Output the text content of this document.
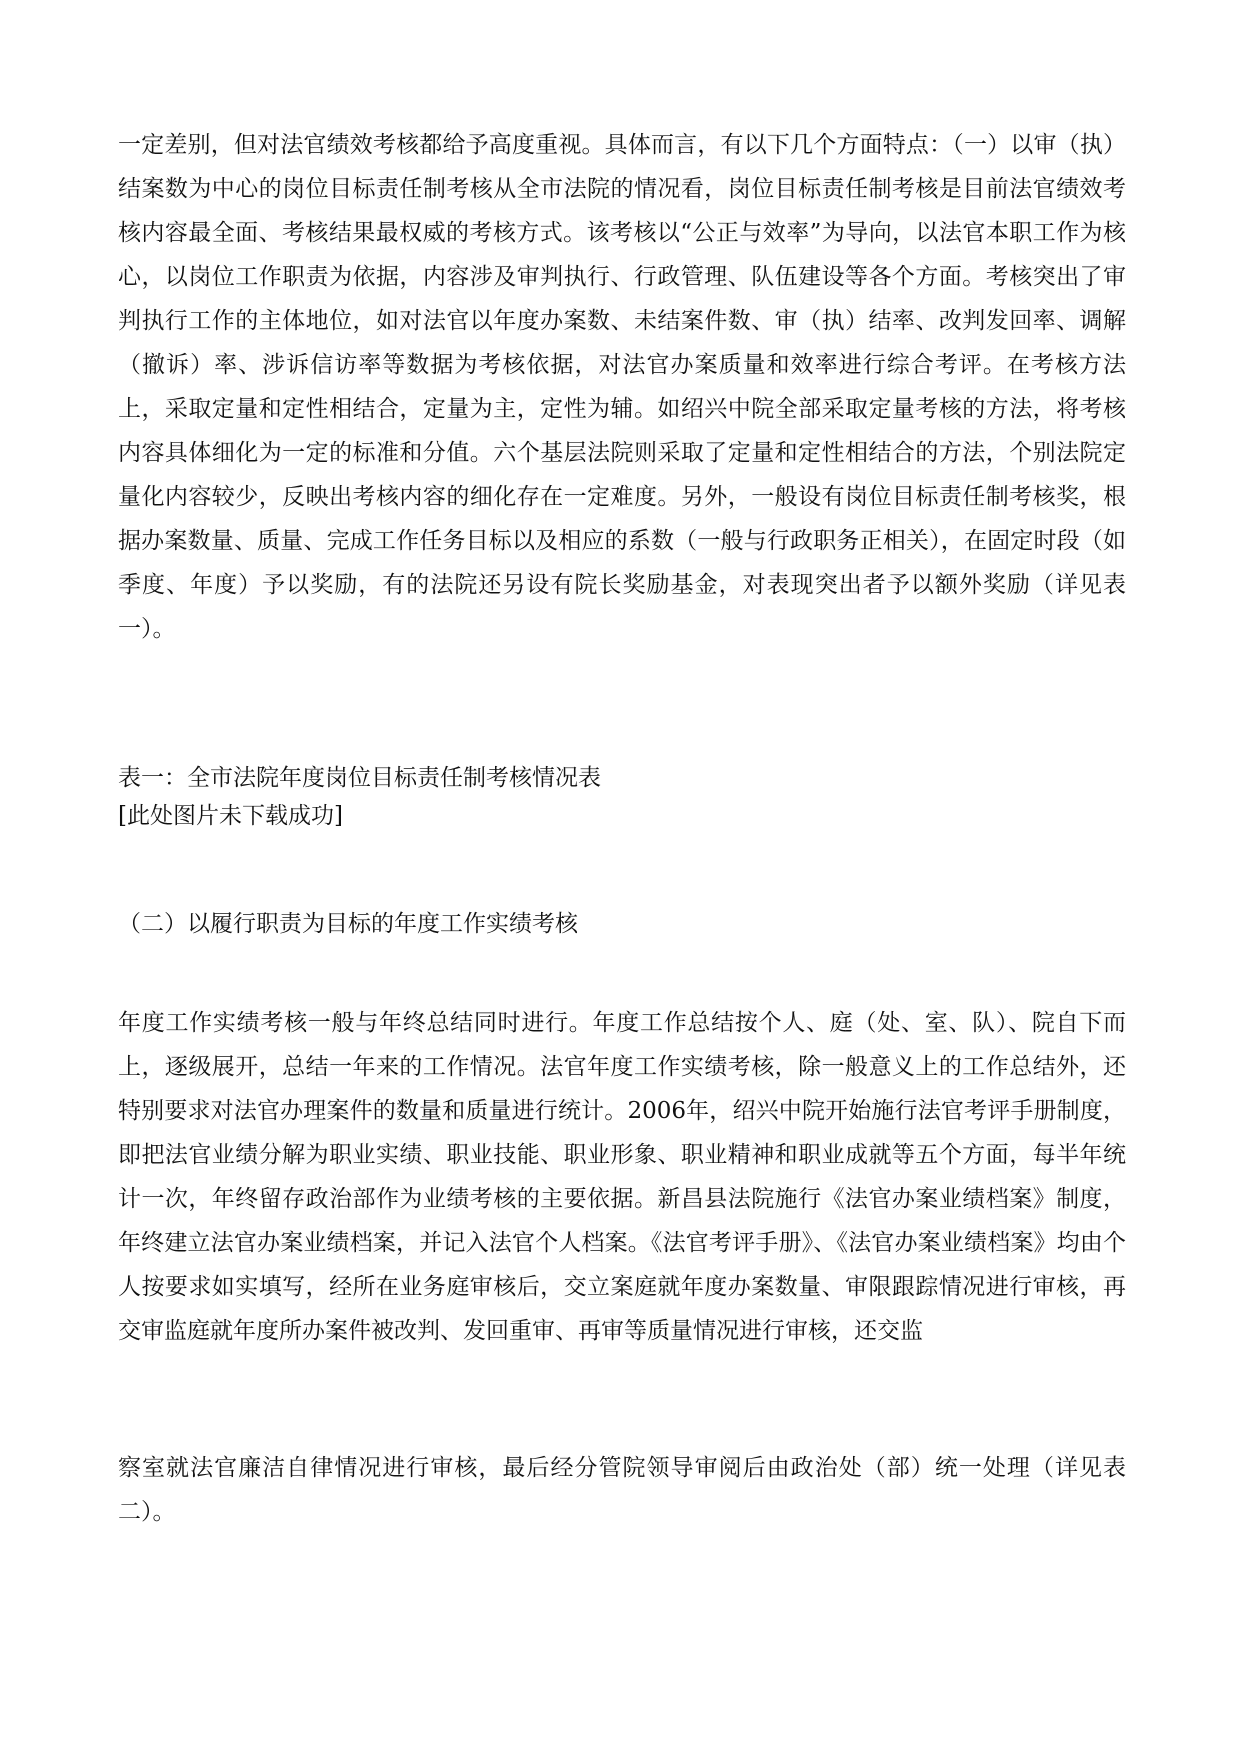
一定差别，但对法官绩效考核都给予高度重视。具体而言，有以下几个方面特点：（一）以审（执）结案数为中心的岗位目标责任制考核从全市法院的情况看，岗位目标责任制考核是目前法官绩效考核内容最全面、考核结果最权威的考核方式。该考核以“公正与效率”为导向，以法官本职工作为核心，以岗位工作职责为依据，内容涉及审判执行、行政管理、队伍建设等各个方面。考核突出了审判执行工作的主体地位，如对法官以年度办案数、未结案件数、审（执）结率、改判发回率、调解（撤诉）率、涉诉信访率等数据为考核依据，对法官办案质量和效率进行综合考评。在考核方法上，采取定量和定性相结合，定量为主，定性为辅。如绍兴中院全部采取定量考核的方法，将考核内容具体细化为一定的标准和分值。六个基层法院则采取了定量和定性相结合的方法，个别法院定量化内容较少，反映出考核内容的细化存在一定难度。另外，一般设有岗位目标责任制考核奖，根据办案数量、质量、完成工作任务目标以及相应的系数（一般与行政职务正相关），在固定时段（如季度、年度）予以奖励，有的法院还另设有院长奖励基金，对表现突出者予以额外奖励（详见表一）。

表一：全市法院年度岗位目标责任制考核情况表

[此处图片未下载成功]

（二）以履行职责为目标的年度工作实绩考核

年度工作实绩考核一般与年终总结同时进行。年度工作总结按个人、庭（处、室、队）、院自下而上，逐级展开，总结一年来的工作情况。法官年度工作实绩考核，除一般意义上的工作总结外，还特别要求对法官办理案件的数量和质量进行统计。2006年，绍兴中院开始施行法官考评手册制度，即把法官业绩分解为职业实绩、职业技能、职业形象、职业精神和职业成就等五个方面，每半年统计一次，年终留存政治部作为业绩考核的主要依据。新昌县法院施行《法官办案业绩档案》制度，年终建立法官办案业绩档案，并记入法官个人档案。《法官考评手册》、《法官办案业绩档案》均由个人按要求如实填写，经所在业务庭审核后，交立案庭就年度办案数量、审限跟踪情况进行审核，再交审监庭就年度所办案件被改判、发回重审、再审等质量情况进行审核，还交监

察室就法官廉洁自律情况进行审核，最后经分管院领导审阅后由政治处（部）统一处理（详见表二）。
